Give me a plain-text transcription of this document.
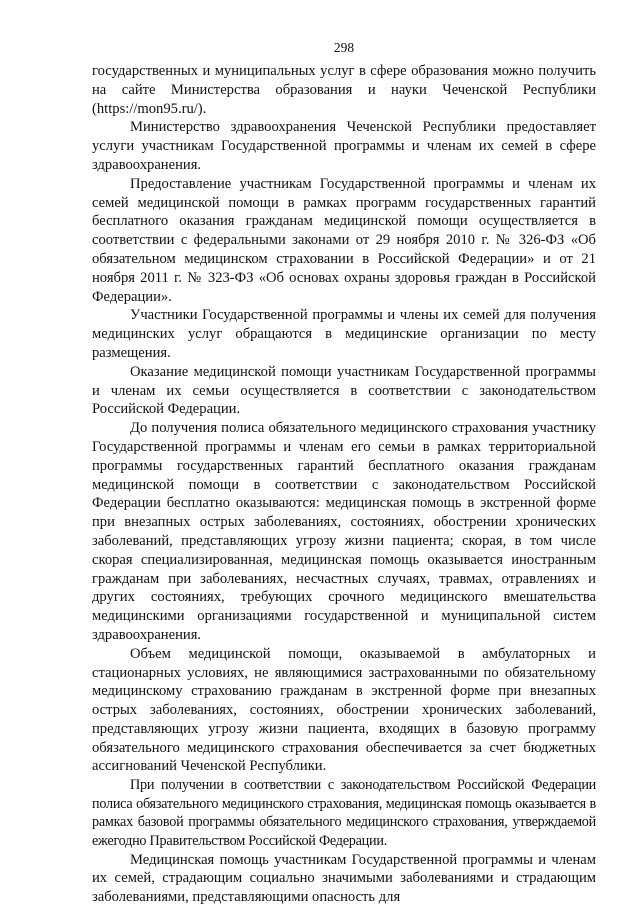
298

государственных и муниципальных услуг в сфере образования можно получить на сайте Министерства образования и науки Чеченской Республики (https://mon95.ru/).

Министерство здравоохранения Чеченской Республики предоставляет услуги участникам Государственной программы и членам их семей в сфере здравоохранения.

Предоставление участникам Государственной программы и членам их семей медицинской помощи в рамках программ государственных гарантий бесплатного оказания гражданам медицинской помощи осуществляется в соответствии с федеральными законами от 29 ноября 2010 г. № 326-ФЗ «Об обязательном медицинском страховании в Российской Федерации» и от 21 ноября 2011 г. № 323-ФЗ «Об основах охраны здоровья граждан в Российской Федерации».

Участники Государственной программы и члены их семей для получения медицинских услуг обращаются в медицинские организации по месту размещения.

Оказание медицинской помощи участникам Государственной программы и членам их семьи осуществляется в соответствии с законодательством Российской Федерации.

До получения полиса обязательного медицинского страхования участнику Государственной программы и членам его семьи в рамках территориальной программы государственных гарантий бесплатного оказания гражданам медицинской помощи в соответствии с законодательством Российской Федерации бесплатно оказываются: медицинская помощь в экстренной форме при внезапных острых заболеваниях, состояниях, обострении хронических заболеваний, представляющих угрозу жизни пациента; скорая, в том числе скорая специализированная, медицинская помощь оказывается иностранным гражданам при заболеваниях, несчастных случаях, травмах, отравлениях и других состояниях, требующих срочного медицинского вмешательства медицинскими организациями государственной и муниципальной систем здравоохранения.

Объем медицинской помощи, оказываемой в амбулаторных и стационарных условиях, не являющимися застрахованными по обязательному медицинскому страхованию гражданам в экстренной форме при внезапных острых заболеваниях, состояниях, обострении хронических заболеваний, представляющих угрозу жизни пациента, входящих в базовую программу обязательного медицинского страхования обеспечивается за счет бюджетных ассигнований Чеченской Республики.

При получении в соответствии с законодательством Российской Федерации полиса обязательного медицинского страхования, медицинская помощь оказывается в рамках базовой программы обязательного медицинского страхования, утверждаемой ежегодно Правительством Российской Федерации.

Медицинская помощь участникам Государственной программы и членам их семей, страдающим социально значимыми заболеваниями и страдающим заболеваниями, представляющими опасность для
